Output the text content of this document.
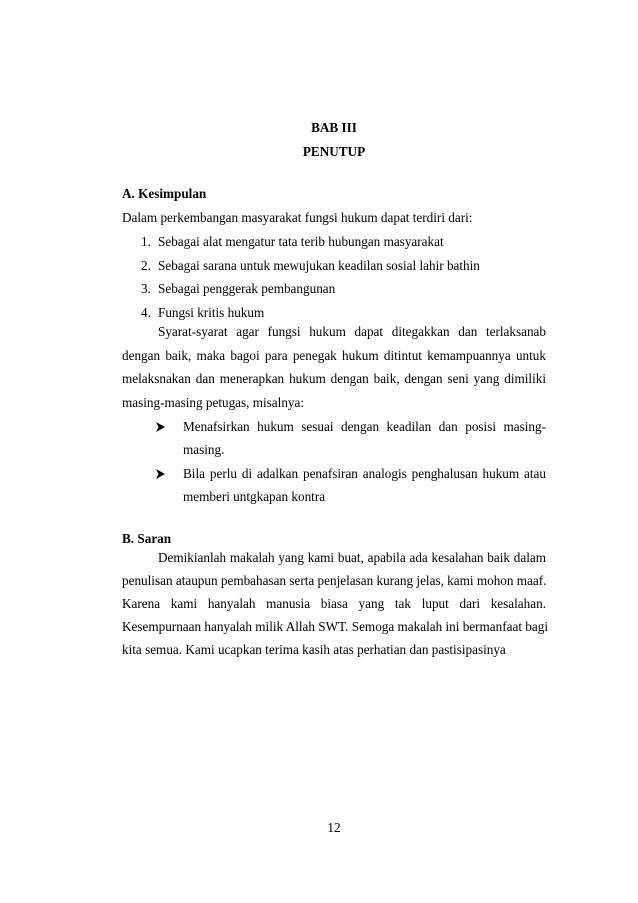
BAB III
PENUTUP
A. Kesimpulan
Dalam perkembangan masyarakat fungsi hukum dapat terdiri dari:
1. Sebagai alat mengatur tata terib hubungan masyarakat
2. Sebagai sarana untuk mewujukan keadilan sosial lahir bathin
3. Sebagai penggerak pembangunan
4. Fungsi kritis hukum
Syarat-syarat agar fungsi hukum dapat ditegakkan dan terlaksanab
dengan baik, maka bagoi para penegak hukum ditintut kemampuannya untuk
melaksnakan dan menerapkan hukum dengan baik, dengan seni yang dimiliki
masing-masing petugas, misalnya:
Menafsirkan hukum sesuai dengan keadilan dan posisi masing-
masing.
Bila perlu di adalkan penafsiran analogis penghalusan hukum atau
memberi untgkapan kontra
B. Saran
Demikianlah makalah yang kami buat, apabila ada kesalahan baik dalam
penulisan ataupun pembahasan serta penjelasan kurang jelas, kami mohon maaf.
Karena kami hanyalah manusia biasa yang tak luput dari kesalahan.
Kesempurnaan hanyalah milik Allah SWT. Semoga makalah ini bermanfaat bagi
kita semua. Kami ucapkan terima kasih atas perhatian dan pastisipasinya
12
